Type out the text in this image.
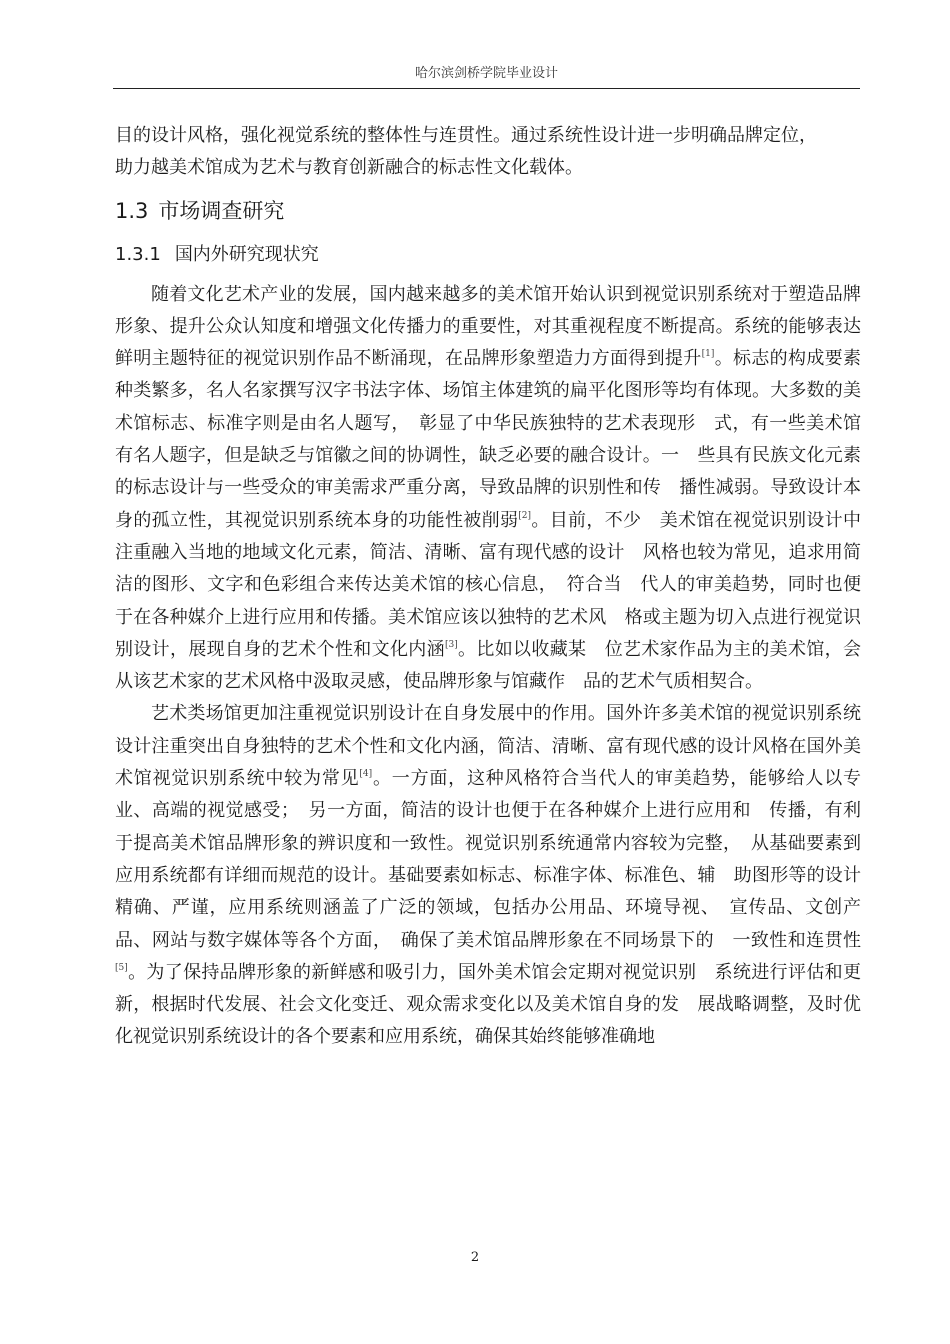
哈尔滨剑桥学院毕业设计

目的设计风格，强化视觉系统的整体性与连贯性。通过系统性设计进一步明确品牌定位，
助力越美术馆成为艺术与教育创新融合的标志性文化载体。

1.3 市场调查研究
1.3.1 国内外研究现状究

随着文化艺术产业的发展，国内越来越多的美术馆开始认识到视觉识别系统对于塑造品牌形象、提升公众认知度和增强文化传播力的重要性，对其重视程度不断提高。系统的能够表达鲜明主题特征的视觉识别作品不断涌现，在品牌形象塑造力方面得到提升[1]。标志的构成要素种类繁多，名人名家撰写汉字书法字体、场馆主体建筑的扁平化图形等均有体现。大多数的美术馆标志、标准字则是由名人题写，　彰显了中华民族独特的艺术表现形　式，有一些美术馆有名人题字，但是缺乏与馆徽之间的协调性，缺乏必要的融合设计。一　些具有民族文化元素的标志设计与一些受众的审美需求严重分离，导致品牌的识别性和传　播性减弱。导致设计本身的孤立性，其视觉识别系统本身的功能性被削弱[2]。目前，不少　美术馆在视觉识别设计中注重融入当地的地域文化元素，简洁、清晰、富有现代感的设计　风格也较为常见，追求用简洁的图形、文字和色彩组合来传达美术馆的核心信息，　符合当　代人的审美趋势，同时也便于在各种媒介上进行应用和传播。美术馆应该以独特的艺术风　格或主题为切入点进行视觉识别设计，展现自身的艺术个性和文化内涵[3]。比如以收藏某　位艺术家作品为主的美术馆，会从该艺术家的艺术风格中汲取灵感，使品牌形象与馆藏作　品的艺术气质相契合。

艺术类场馆更加注重视觉识别设计在自身发展中的作用。国外许多美术馆的视觉识别系统设计注重突出自身独特的艺术个性和文化内涵，简洁、清晰、富有现代感的设计风格在国外美术馆视觉识别系统中较为常见[4]。一方面，这种风格符合当代人的审美趋势，能够给人以专业、高端的视觉感受；　另一方面，简洁的设计也便于在各种媒介上进行应用和　传播，有利于提高美术馆品牌形象的辨识度和一致性。视觉识别系统通常内容较为完整，　从基础要素到应用系统都有详细而规范的设计。基础要素如标志、标准字体、标准色、辅　助图形等的设计精确、严谨，应用系统则涵盖了广泛的领域，包括办公用品、环境导视、　宣传品、文创产品、网站与数字媒体等各个方面，　确保了美术馆品牌形象在不同场景下的　一致性和连贯性[5]。为了保持品牌形象的新鲜感和吸引力，国外美术馆会定期对视觉识别　系统进行评估和更新，根据时代发展、社会文化变迁、观众需求变化以及美术馆自身的发　展战略调整，及时优化视觉识别系统设计的各个要素和应用系统，确保其始终能够准确地

2
